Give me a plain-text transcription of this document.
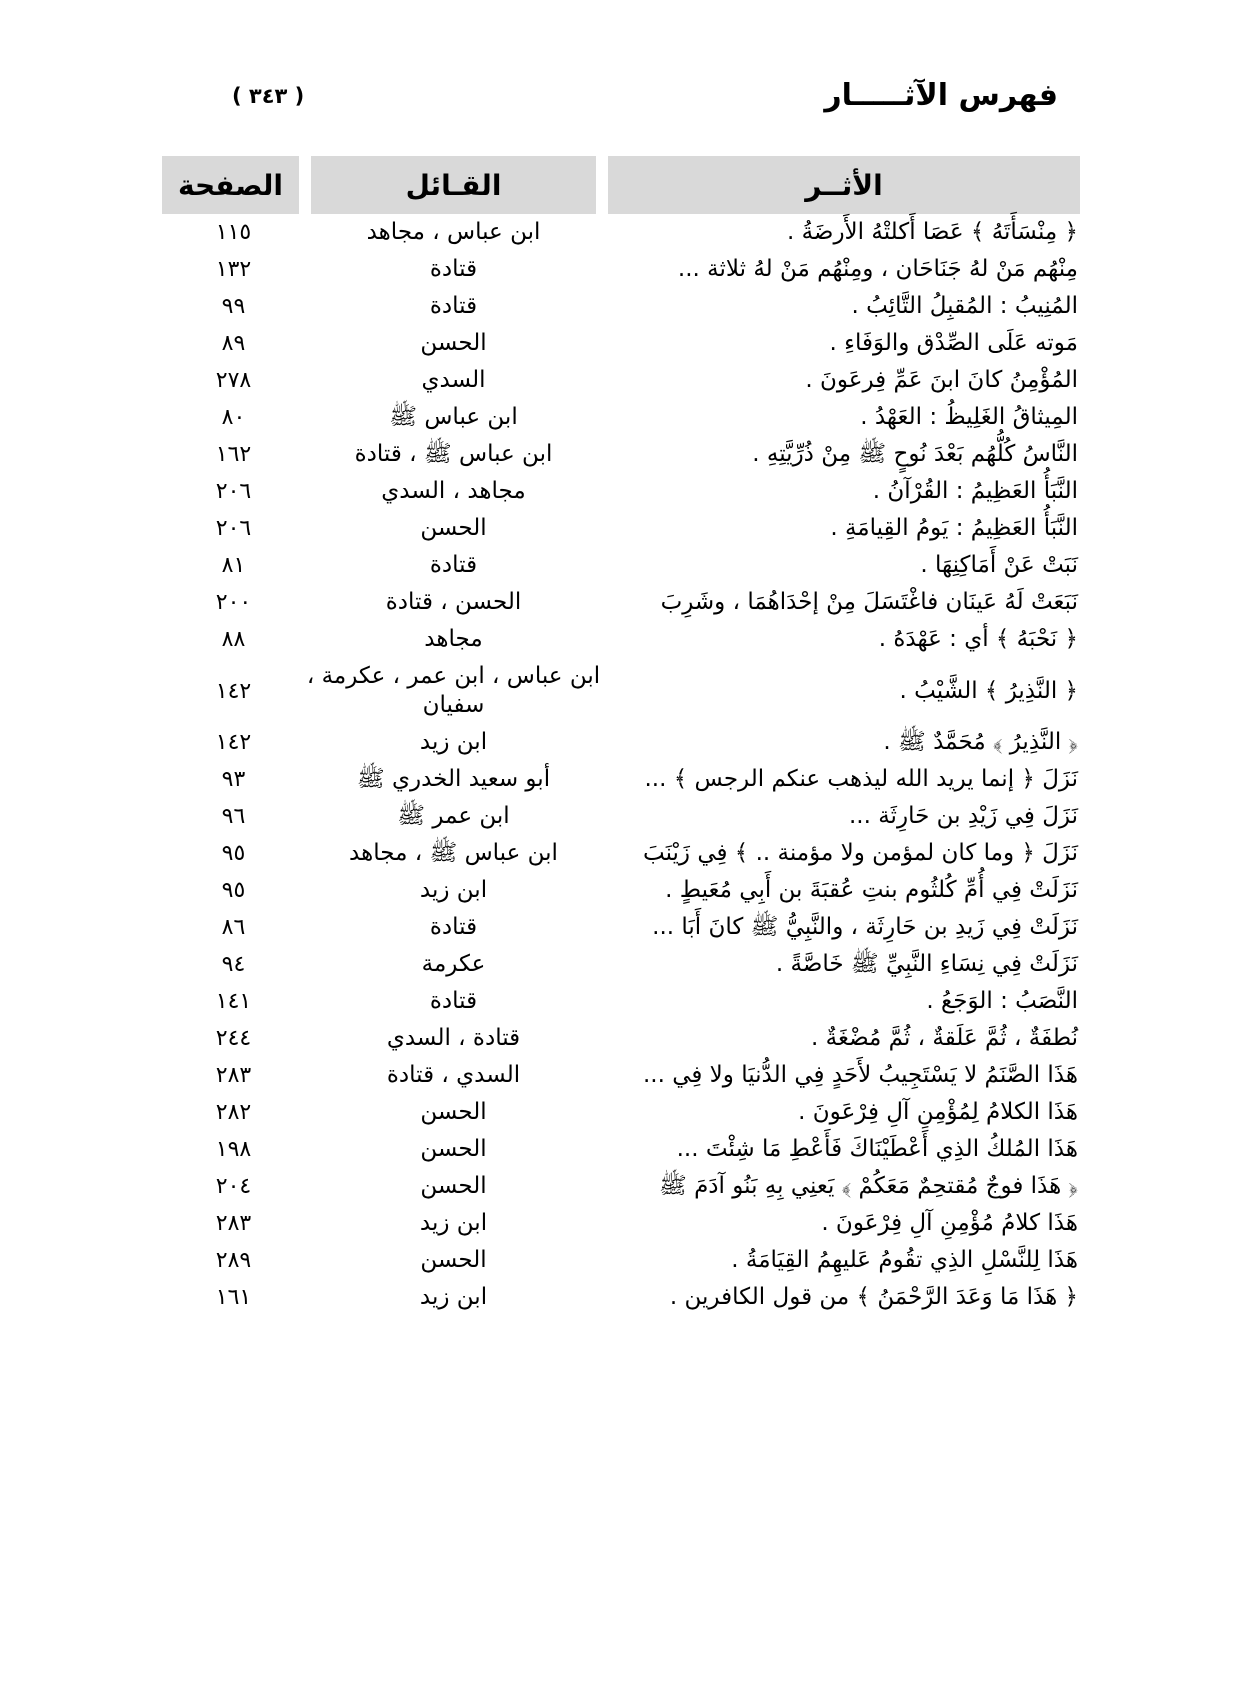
فهرس الآثـــــار
( ٣٤٣ )
الأثــر	القـائل	الصفحة
﴿ مِنْسَأَتَهُ ﴾ عَصَا أَكلتْهُ الأَرضَةُ .	ابن عباس ، مجاهد	١١٥
مِنْهُم مَنْ لهُ جَنَاحَان ، ومِنْهُم مَنْ لهُ ثلاثة ...	قتادة	١٣٢
المُنِيبُ : المُقبِلُ التَّائِبُ .	قتادة	٩٩
مَوته عَلَى الصِّدْق والوَفَاءِ .	الحسن	٨٩
المُؤْمِنُ كانَ ابنَ عَمِّ فِرعَونَ .	السدي	٢٧٨
المِيثاقُ الغَلِيظُ : العَهْدُ .	ابن عباس ﷺ	٨٠
النَّاسُ كُلُّهُم بَعْدَ نُوحٍ ﷺ مِنْ ذُرِّيَّتِهِ .	ابن عباس ﷺ ، قتادة	١٦٢
النَّبَأُ العَظِيمُ : القُرْآنُ .	مجاهد ، السدي	٢٠٦
النَّبَأُ العَظِيمُ : يَومُ القِيامَةِ .	الحسن	٢٠٦
نَبَتْ عَنْ أَمَاكِنِهَا .	قتادة	٨١
نَبَعَتْ لَهُ عَينَان فاغْتَسَلَ مِنْ إحْدَاهُمَا ، وشَرِبَ	الحسن ، قتادة	٢٠٠
﴿ نَحْبَهُ ﴾ أي : عَهْدَهُ .	مجاهد	٨٨
﴿ النَّذِيرُ ﴾ الشَّيْبُ .	ابن عباس ، ابن عمر ، عكرمة ، سفيان	١٤٢
﴿ النَّذِيرُ ﴾ مُحَمَّدٌ ﷺ .	ابن زيد	١٤٢
نَزَلَ ﴿ إنما يريد الله ليذهب عنكم الرجس ﴾ ...	أبو سعيد الخدري ﷺ	٩٣
نَزَلَ فِي زَيْدِ بن حَارِثَة ...	ابن عمر ﷺ	٩٦
نَزَلَ ﴿ وما كان لمؤمن ولا مؤمنة .. ﴾ فِي زَيْنَبَ	ابن عباس ﷺ ، مجاهد	٩٥
نَزَلَتْ فِي أُمِّ كُلثُوم بنتِ عُقبَةَ بن أَبِي مُعَيطٍ .	ابن زيد	٩٥
نَزَلَتْ فِي زَيدِ بن حَارِثَة ، والنَّبِيُّ ﷺ كانَ أَبَا ...	قتادة	٨٦
نَزَلَتْ فِي نِسَاءِ النَّبِيِّ ﷺ خَاصَّةً .	عكرمة	٩٤
النَّصَبُ : الوَجَعُ .	قتادة	١٤١
نُطفَةٌ ، ثُمَّ عَلَقةٌ ، ثُمَّ مُضْغَةٌ .	قتادة ، السدي	٢٤٤
هَذَا الصَّنَمُ لا يَسْتَجِيبُ لأَحَدٍ فِي الدُّنيَا ولا فِي ...	السدي ، قتادة	٢٨٣
هَذَا الكلامُ لِمُؤْمِنِ آلِ فِرْعَونَ .	الحسن	٢٨٢
هَذَا المُلكُ الذِي أَعْطَيْنَاكَ فَأَعْطِ مَا شِئْتَ ...	الحسن	١٩٨
﴿ هَذَا فوجٌ مُقتحِمٌ مَعَكُمْ ﴾ يَعنِي بِهِ بَنُو آدَمَ ﷺ	الحسن	٢٠٤
هَذَا كلامُ مُؤْمِنِ آلِ فِرْعَونَ .	ابن زيد	٢٨٣
هَذَا لِلنَّسْلِ الذِي تقُومُ عَليهِمُ القِيَامَةُ .	الحسن	٢٨٩
﴿ هَذَا مَا وَعَدَ الرَّحْمَنُ ﴾ من قول الكافرين .	ابن زيد	١٦١
